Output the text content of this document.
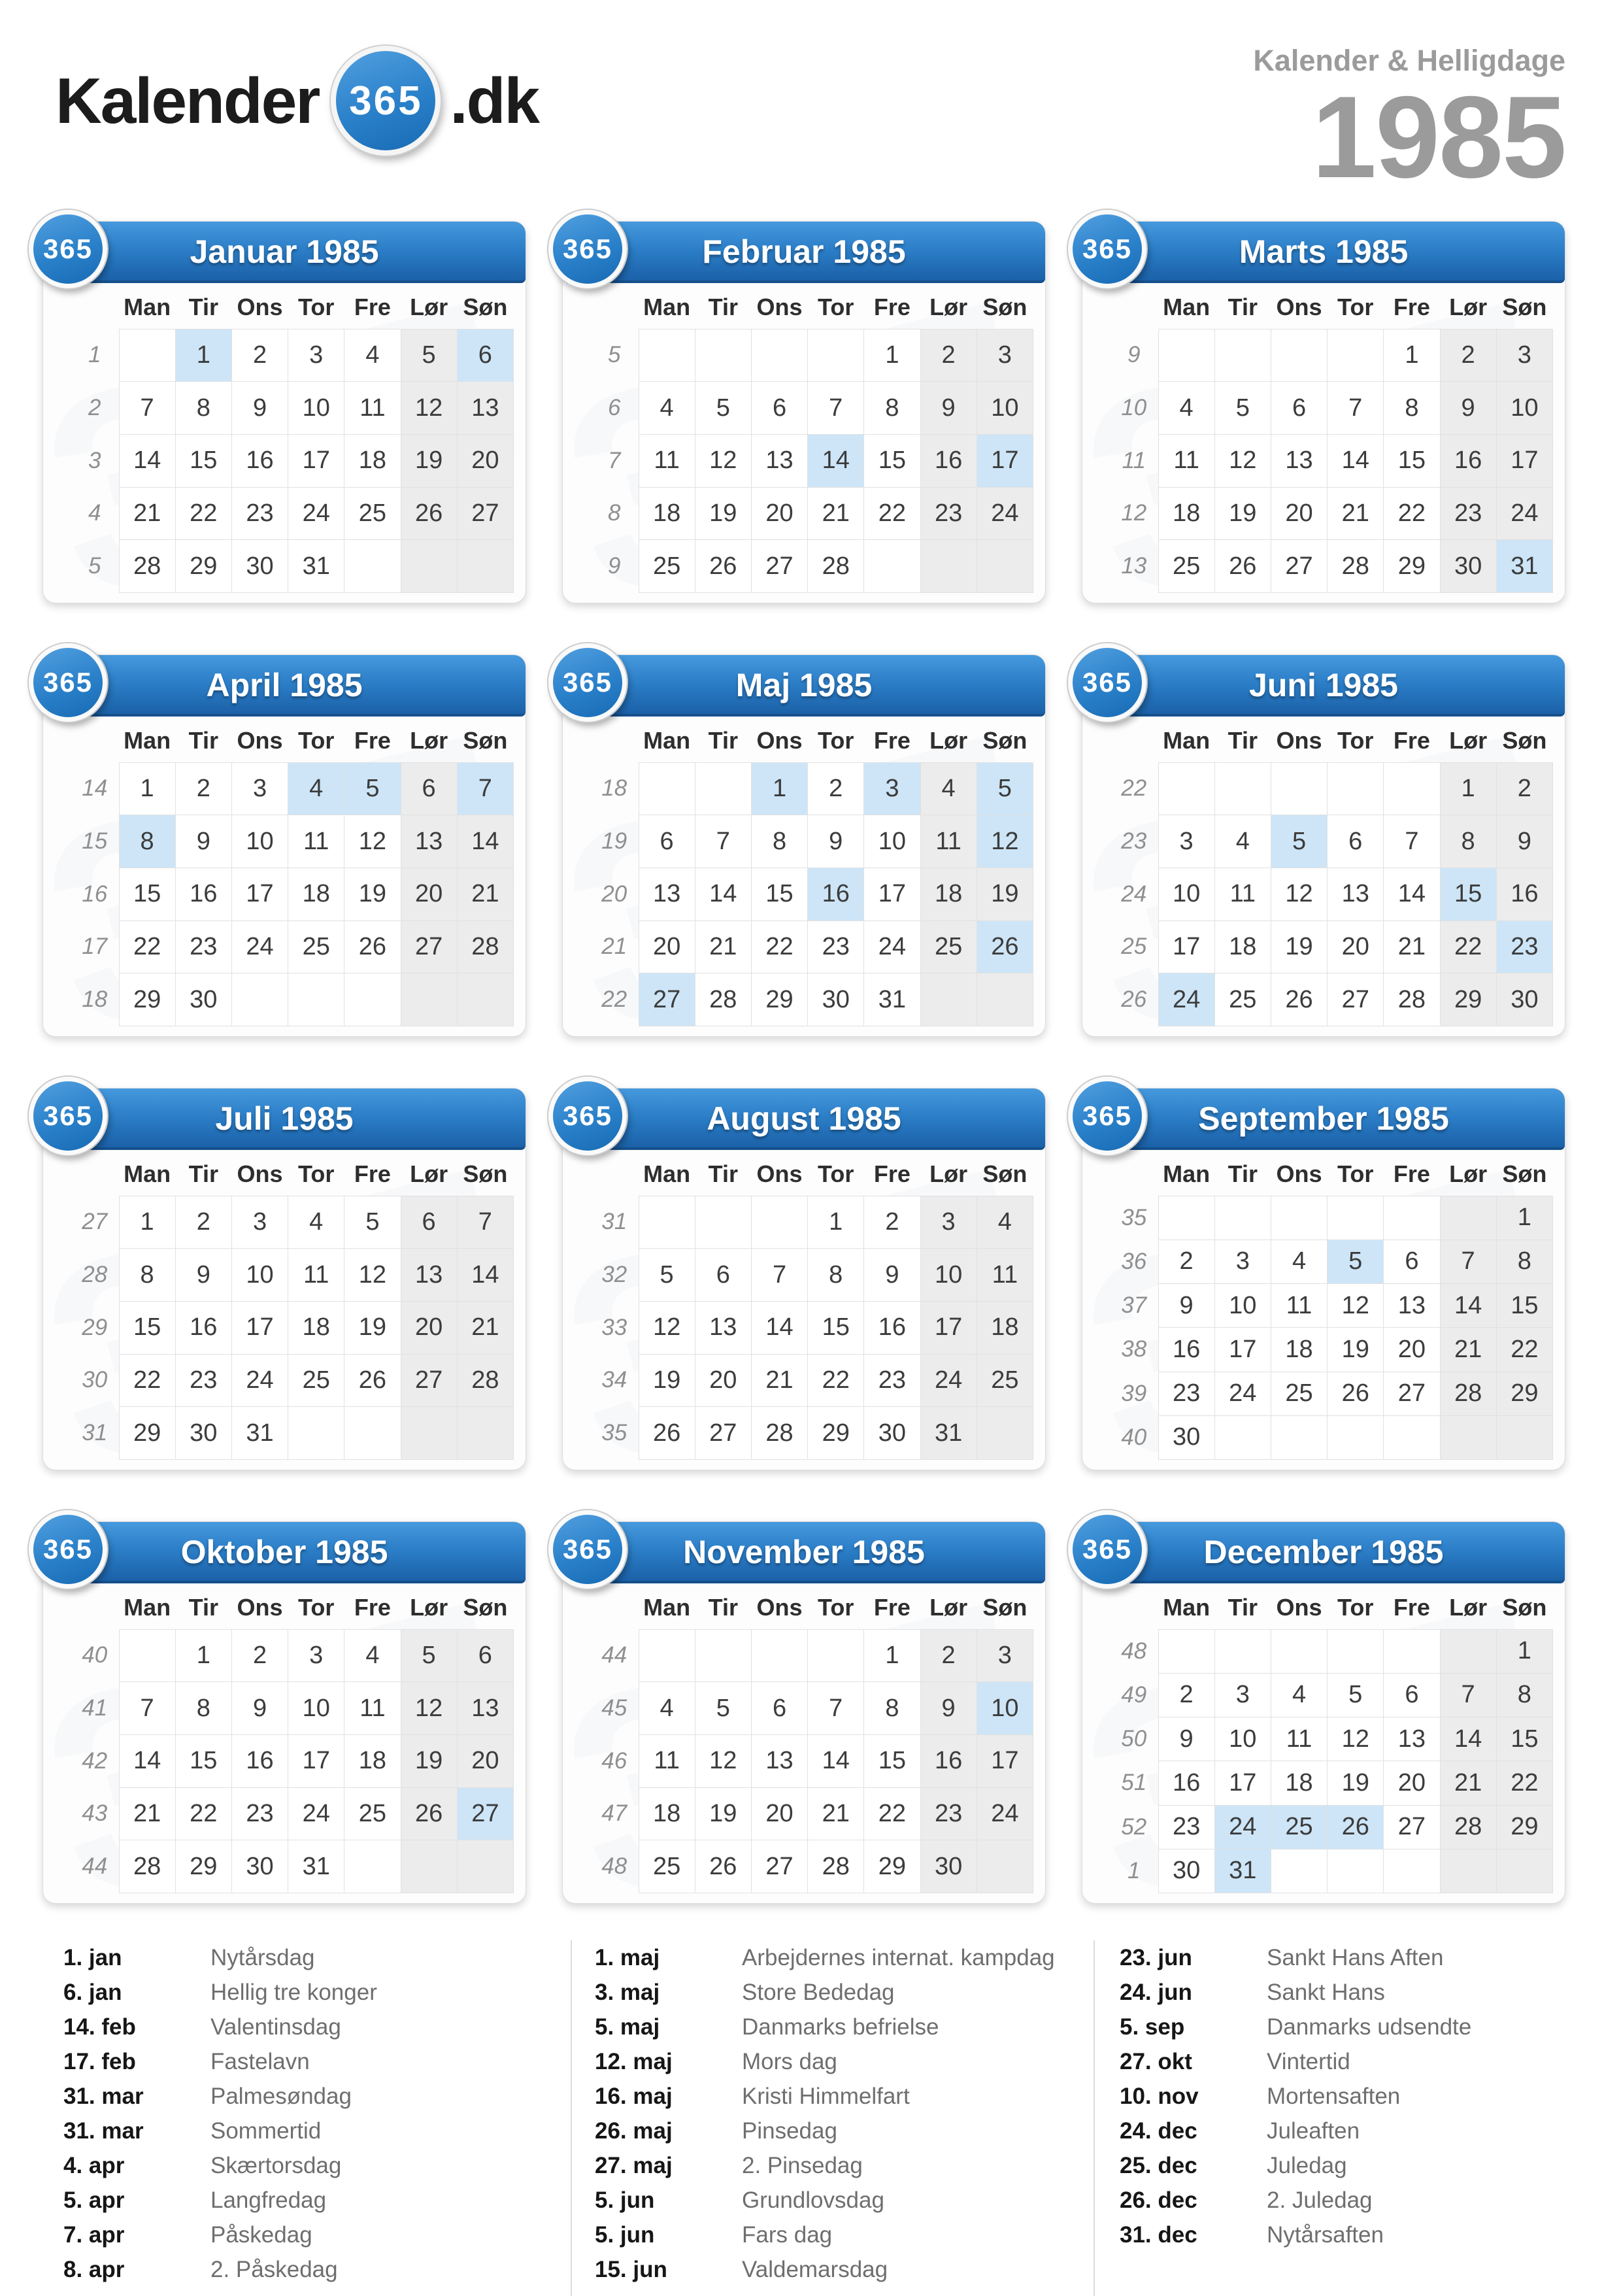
Kalender 365 .dk
Kalender & Helligdage
1985
365	Januar 1985
	Man	Tir	Ons	Tor	Fre	Lør	Søn
1		1	2	3	4	5	6
2	7	8	9	10	11	12	13
3	14	15	16	17	18	19	20
4	21	22	23	24	25	26	27
5	28	29	30	31			
365	Februar 1985
	Man	Tir	Ons	Tor	Fre	Lør	Søn
5					1	2	3
6	4	5	6	7	8	9	10
7	11	12	13	14	15	16	17
8	18	19	20	21	22	23	24
9	25	26	27	28			
365	Marts 1985
	Man	Tir	Ons	Tor	Fre	Lør	Søn
9					1	2	3
10	4	5	6	7	8	9	10
11	11	12	13	14	15	16	17
12	18	19	20	21	22	23	24
13	25	26	27	28	29	30	31
365	April 1985
	Man	Tir	Ons	Tor	Fre	Lør	Søn
14	1	2	3	4	5	6	7
15	8	9	10	11	12	13	14
16	15	16	17	18	19	20	21
17	22	23	24	25	26	27	28
18	29	30					
365	Maj 1985
	Man	Tir	Ons	Tor	Fre	Lør	Søn
18			1	2	3	4	5
19	6	7	8	9	10	11	12
20	13	14	15	16	17	18	19
21	20	21	22	23	24	25	26
22	27	28	29	30	31		
365	Juni 1985
	Man	Tir	Ons	Tor	Fre	Lør	Søn
22						1	2
23	3	4	5	6	7	8	9
24	10	11	12	13	14	15	16
25	17	18	19	20	21	22	23
26	24	25	26	27	28	29	30
365	Juli 1985
	Man	Tir	Ons	Tor	Fre	Lør	Søn
27	1	2	3	4	5	6	7
28	8	9	10	11	12	13	14
29	15	16	17	18	19	20	21
30	22	23	24	25	26	27	28
31	29	30	31				
365	August 1985
	Man	Tir	Ons	Tor	Fre	Lør	Søn
31				1	2	3	4
32	5	6	7	8	9	10	11
33	12	13	14	15	16	17	18
34	19	20	21	22	23	24	25
35	26	27	28	29	30	31	
365	September 1985
	Man	Tir	Ons	Tor	Fre	Lør	Søn
35							1
36	2	3	4	5	6	7	8
37	9	10	11	12	13	14	15
38	16	17	18	19	20	21	22
39	23	24	25	26	27	28	29
40	30						
365	Oktober 1985
	Man	Tir	Ons	Tor	Fre	Lør	Søn
40		1	2	3	4	5	6
41	7	8	9	10	11	12	13
42	14	15	16	17	18	19	20
43	21	22	23	24	25	26	27
44	28	29	30	31			
365	November 1985
	Man	Tir	Ons	Tor	Fre	Lør	Søn
44					1	2	3
45	4	5	6	7	8	9	10
46	11	12	13	14	15	16	17
47	18	19	20	21	22	23	24
48	25	26	27	28	29	30	
365	December 1985
	Man	Tir	Ons	Tor	Fre	Lør	Søn
48							1
49	2	3	4	5	6	7	8
50	9	10	11	12	13	14	15
51	16	17	18	19	20	21	22
52	23	24	25	26	27	28	29
1	30	31					
1. jan	Nytårsdag
6. jan	Hellig tre konger
14. feb	Valentinsdag
17. feb	Fastelavn
31. mar	Palmesøndag
31. mar	Sommertid
4. apr	Skærtorsdag
5. apr	Langfredag
7. apr	Påskedag
8. apr	2. Påskedag
1. maj	Arbejdernes internat. kampdag
3. maj	Store Bededag
5. maj	Danmarks befrielse
12. maj	Mors dag
16. maj	Kristi Himmelfart
26. maj	Pinsedag
27. maj	2. Pinsedag
5. jun	Grundlovsdag
5. jun	Fars dag
15. jun	Valdemarsdag
23. jun	Sankt Hans Aften
24. jun	Sankt Hans
5. sep	Danmarks udsendte
27. okt	Vintertid
10. nov	Mortensaften
24. dec	Juleaften
25. dec	Juledag
26. dec	2. Juledag
31. dec	Nytårsaften
